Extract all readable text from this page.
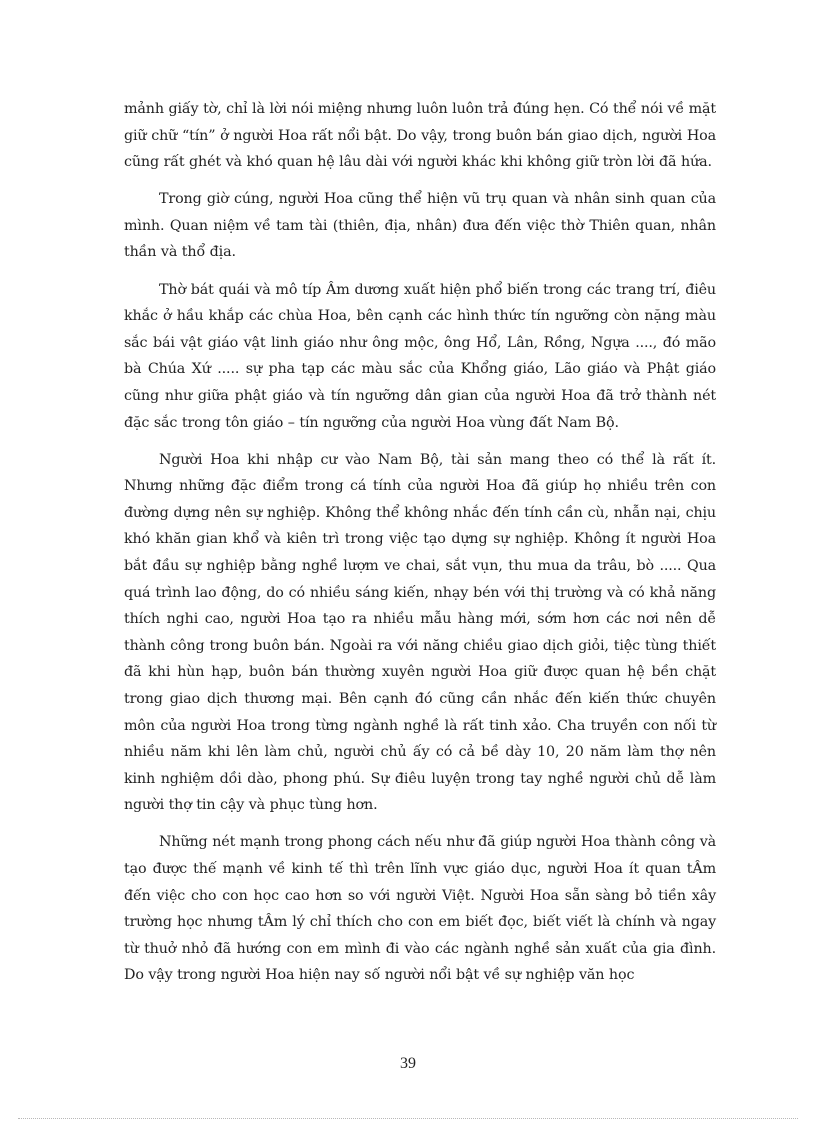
mảnh giấy tờ, chỉ là lời nói miệng nhưng luôn luôn trả đúng hẹn. Có thể nói về mặt giữ chữ “tín” ở người Hoa rất nổi bật. Do vậy, trong buôn bán giao dịch, người Hoa cũng rất ghét và khó quan hệ lâu dài với người khác khi không giữ tròn lời đã hứa.

Trong giờ cúng, người Hoa cũng thể hiện vũ trụ quan và nhân sinh quan của mình. Quan niệm về tam tài (thiên, địa, nhân) đưa đến việc thờ Thiên quan, nhân thần và thổ địa.

Thờ bát quái và mô típ Âm dương xuất hiện phổ biến trong các trang trí, điêu khắc ở hầu khắp các chùa Hoa, bên cạnh các hình thức tín ngưỡng còn nặng màu sắc bái vật giáo vật linh giáo như ông mộc, ông Hổ, Lân, Rồng, Ngựa ...., đó mão bà Chúa Xứ ..... sự pha tạp các màu sắc của Khổng giáo, Lão giáo và Phật giáo cũng như giữa phật giáo và tín ngưỡng dân gian của người Hoa đã trở thành nét đặc sắc trong tôn giáo – tín ngưỡng của người Hoa vùng đất Nam Bộ.

Người Hoa khi nhập cư vào Nam Bộ, tài sản mang theo có thể là rất ít. Nhưng những đặc điểm trong cá tính của người Hoa đã giúp họ nhiều trên con đường dựng nên sự nghiệp. Không thể không nhắc đến tính cần cù, nhẫn nại, chịu khó khăn gian khổ và kiên trì trong việc tạo dựng sự nghiệp. Không ít người Hoa bắt đầu sự nghiệp bằng nghề lượm ve chai, sắt vụn, thu mua da trâu, bò ..... Qua quá trình lao động, do có nhiều sáng kiến, nhạy bén với thị trường và có khả năng thích nghi cao, người Hoa tạo ra nhiều mẫu hàng mới, sớm hơn các nơi nên dễ thành công trong buôn bán. Ngoài ra với năng chiều giao dịch giỏi, tiệc tùng thiết đã khi hùn hạp, buôn bán thường xuyên người Hoa giữ được quan hệ bền chặt trong giao dịch thương mại. Bên cạnh đó cũng cần nhắc đến kiến thức chuyên môn của người Hoa trong từng ngành nghề là rất tinh xảo. Cha truyền con nối từ nhiều năm khi lên làm chủ, người chủ ấy có cả bề dày 10, 20 năm làm thợ nên kinh nghiệm dồi dào, phong phú. Sự điêu luyện trong tay nghề người chủ dễ làm người thợ tin cậy và phục tùng hơn.

Những nét mạnh trong phong cách nếu như đã giúp người Hoa thành công và tạo được thế mạnh về kinh tế thì trên lĩnh vực giáo dục, người Hoa ít quan tÂm đến việc cho con học cao hơn so với người Việt. Người Hoa sẵn sàng bỏ tiền xây trường học nhưng tÂm lý chỉ thích cho con em biết đọc, biết viết là chính và ngay từ thuở nhỏ đã hướng con em mình đi vào các ngành nghề sản xuất của gia đình. Do vậy trong người Hoa hiện nay số người nổi bật về sự nghiệp văn học

39
